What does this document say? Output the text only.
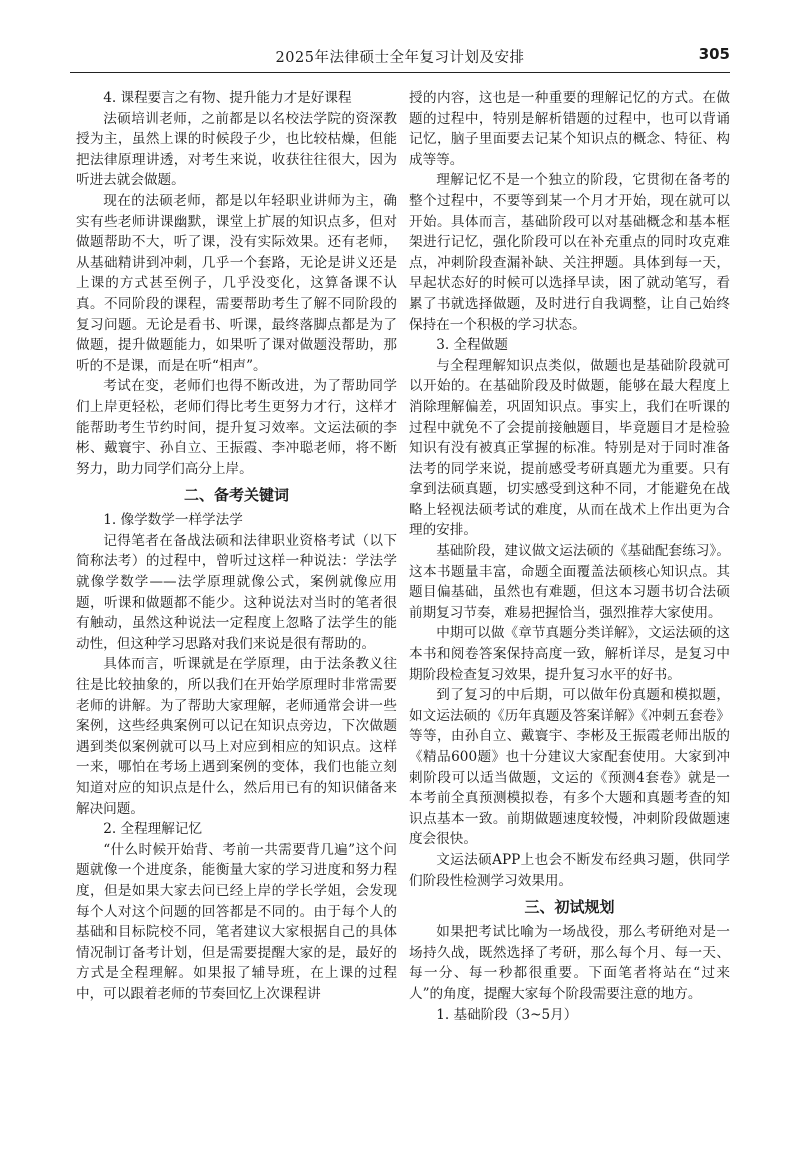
2025年法律硕士全年复习计划及安排	305

4. 课程要言之有物、提升能力才是好课程

法硕培训老师，之前都是以名校法学院的资深教授为主，虽然上课的时候段子少，也比较枯燥，但能把法律原理讲透，对考生来说，收获往往很大，因为听进去就会做题。

现在的法硕老师，都是以年轻职业讲师为主，确实有些老师讲课幽默，课堂上扩展的知识点多，但对做题帮助不大，听了课，没有实际效果。还有老师，从基础精讲到冲刺，几乎一个套路，无论是讲义还是上课的方式甚至例子，几乎没变化，这算备课不认真。不同阶段的课程，需要帮助考生了解不同阶段的复习问题。无论是看书、听课，最终落脚点都是为了做题，提升做题能力，如果听了课对做题没帮助，那听的不是课，而是在听“相声”。

考试在变，老师们也得不断改进，为了帮助同学们上岸更轻松，老师们得比考生更努力才行，这样才能帮助考生节约时间，提升复习效率。文运法硕的李彬、戴寰宇、孙自立、王振霞、李冲聪老师，将不断努力，助力同学们高分上岸。

二、备考关键词

1. 像学数学一样学法学

记得笔者在备战法硕和法律职业资格考试（以下简称法考）的过程中，曾听过这样一种说法：学法学就像学数学——法学原理就像公式，案例就像应用题，听课和做题都不能少。这种说法对当时的笔者很有触动，虽然这种说法一定程度上忽略了法学生的能动性，但这种学习思路对我们来说是很有帮助的。

具体而言，听课就是在学原理，由于法条教义往往是比较抽象的，所以我们在开始学原理时非常需要老师的讲解。为了帮助大家理解，老师通常会讲一些案例，这些经典案例可以记在知识点旁边，下次做题遇到类似案例就可以马上对应到相应的知识点。这样一来，哪怕在考场上遇到案例的变体，我们也能立刻知道对应的知识点是什么，然后用已有的知识储备来解决问题。

2. 全程理解记忆

“什么时候开始背、考前一共需要背几遍”这个问题就像一个进度条，能衡量大家的学习进度和努力程度，但是如果大家去问已经上岸的学长学姐，会发现每个人对这个问题的回答都是不同的。由于每个人的基础和目标院校不同，笔者建议大家根据自己的具体情况制订备考计划，但是需要提醒大家的是，最好的方式是全程理解。如果报了辅导班，在上课的过程中，可以跟着老师的节奏回忆上次课程讲

授的内容，这也是一种重要的理解记忆的方式。在做题的过程中，特别是解析错题的过程中，也可以背诵记忆，脑子里面要去记某个知识点的概念、特征、构成等等。

理解记忆不是一个独立的阶段，它贯彻在备考的整个过程中，不要等到某一个月才开始，现在就可以开始。具体而言，基础阶段可以对基础概念和基本框架进行记忆，强化阶段可以在补充重点的同时攻克难点，冲刺阶段查漏补缺、关注押题。具体到每一天，早起状态好的时候可以选择早读，困了就动笔写，看累了书就选择做题，及时进行自我调整，让自己始终保持在一个积极的学习状态。

3. 全程做题

与全程理解知识点类似，做题也是基础阶段就可以开始的。在基础阶段及时做题，能够在最大程度上消除理解偏差，巩固知识点。事实上，我们在听课的过程中就免不了会提前接触题目，毕竟题目才是检验知识有没有被真正掌握的标准。特别是对于同时准备法考的同学来说，提前感受考研真题尤为重要。只有拿到法硕真题，切实感受到这种不同，才能避免在战略上轻视法硕考试的难度，从而在战术上作出更为合理的安排。

基础阶段，建议做文运法硕的《基础配套练习》。这本书题量丰富，命题全面覆盖法硕核心知识点。其题目偏基础，虽然也有难题，但这本习题书切合法硕前期复习节奏，难易把握恰当，强烈推荐大家使用。

中期可以做《章节真题分类详解》，文运法硕的这本书和阅卷答案保持高度一致，解析详尽，是复习中期阶段检查复习效果，提升复习水平的好书。

到了复习的中后期，可以做年份真题和模拟题，如文运法硕的《历年真题及答案详解》《冲刺五套卷》等等，由孙自立、戴寰宇、李彬及王振霞老师出版的《精品600题》也十分建议大家配套使用。大家到冲刺阶段可以适当做题，文运的《预测4套卷》就是一本考前全真预测模拟卷，有多个大题和真题考查的知识点基本一致。前期做题速度较慢，冲刺阶段做题速度会很快。

文运法硕APP上也会不断发布经典习题，供同学们阶段性检测学习效果用。

三、初试规划

如果把考试比喻为一场战役，那么考研绝对是一场持久战，既然选择了考研，那么每个月、每一天、每一分、每一秒都很重要。下面笔者将站在“过来人”的角度，提醒大家每个阶段需要注意的地方。

1. 基础阶段（3~5月）
